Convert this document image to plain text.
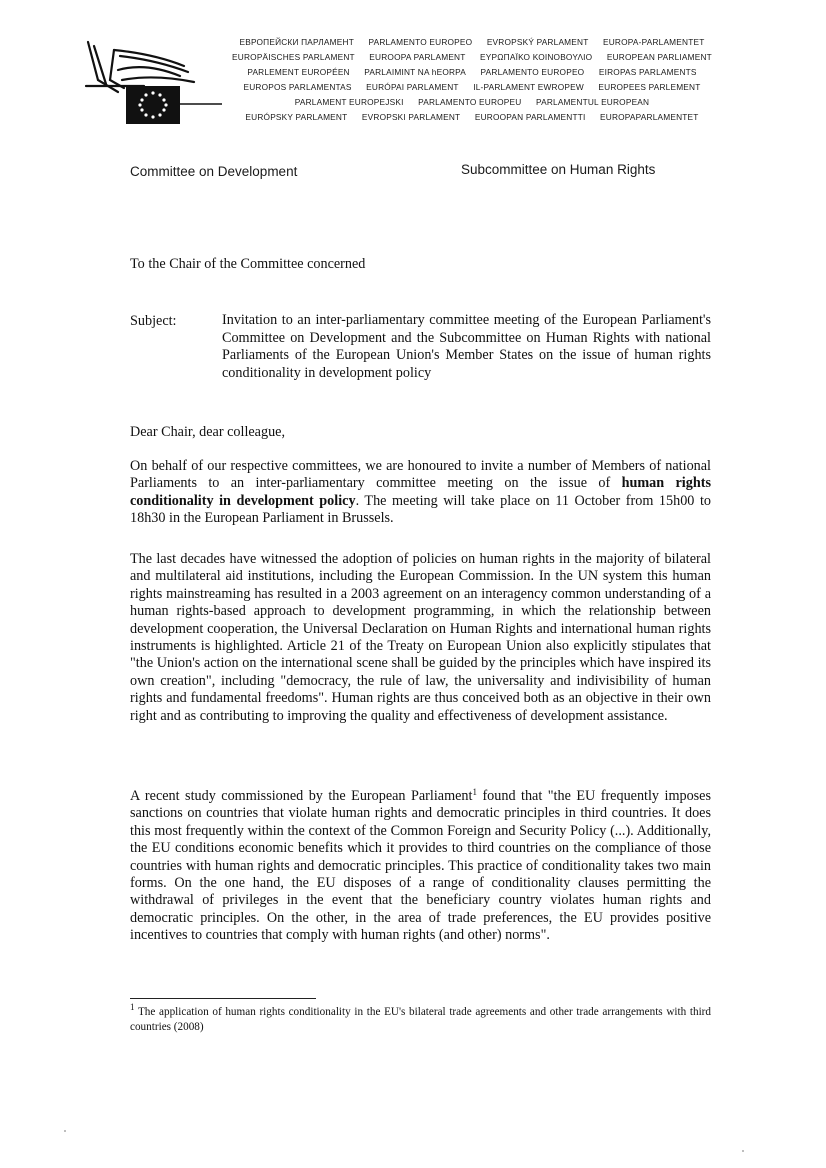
ЕВРОПЕЙСКИ ПАРЛАМЕНТ PARLAMENTO EUROPEO EVROPSKÝ PARLAMENT EUROPA-PARLAMENTET
EUROPÄISCHES PARLAMENT EUROOPA PARLAMENT ΕΥΡΩΠΑΪΚΟ ΚΟΙΝΟΒΟΥΛΙΟ EUROPEAN PARLIAMENT
PARLEMENT EUROPÉEN PARLAIMINT NA hEORPA PARLAMENTO EUROPEO EIROPAS PARLAMENTS
EUROPOS PARLAMENTAS EURÓPAI PARLAMENT IL-PARLAMENT EWROPEW EUROPEES PARLEMENT
PARLAMENT EUROPEJSKI PARLAMENTO EUROPEU PARLAMENTUL EUROPEAN
EURÓPSKY PARLAMENT EVROPSKI PARLAMENT EUROOPAN PARLAMENTTI EUROPAPARLAMENTET
Committee on Development	Subcommittee on Human Rights
To the Chair of the Committee concerned
Subject:	Invitation to an inter-parliamentary committee meeting of the European Parliament's Committee on Development and the Subcommittee on Human Rights with national Parliaments of the European Union's Member States on the issue of human rights conditionality in development policy
Dear Chair, dear colleague,
On behalf of our respective committees, we are honoured to invite a number of Members of national Parliaments to an inter-parliamentary committee meeting on the issue of human rights conditionality in development policy. The meeting will take place on 11 October from 15h00 to 18h30 in the European Parliament in Brussels.
The last decades have witnessed the adoption of policies on human rights in the majority of bilateral and multilateral aid institutions, including the European Commission. In the UN system this human rights mainstreaming has resulted in a 2003 agreement on an interagency common understanding of a human rights-based approach to development programming, in which the relationship between development cooperation, the Universal Declaration on Human Rights and international human rights instruments is highlighted. Article 21 of the Treaty on European Union also explicitly stipulates that "the Union's action on the international scene shall be guided by the principles which have inspired its own creation", including "democracy, the rule of law, the universality and indivisibility of human rights and fundamental freedoms". Human rights are thus conceived both as an objective in their own right and as contributing to improving the quality and effectiveness of development assistance.
A recent study commissioned by the European Parliament$^1$ found that "the EU frequently imposes sanctions on countries that violate human rights and democratic principles in third countries. It does this most frequently within the context of the Common Foreign and Security Policy (...). Additionally, the EU conditions economic benefits which it provides to third countries on the compliance of those countries with human rights and democratic principles. This practice of conditionality takes two main forms. On the one hand, the EU disposes of a range of conditionality clauses permitting the withdrawal of privileges in the event that the beneficiary country violates human rights and democratic principles. On the other, in the area of trade preferences, the EU provides positive incentives to countries that comply with human rights (and other) norms".
$^1$ The application of human rights conditionality in the EU's bilateral trade agreements and other trade arrangements with third countries (2008)
